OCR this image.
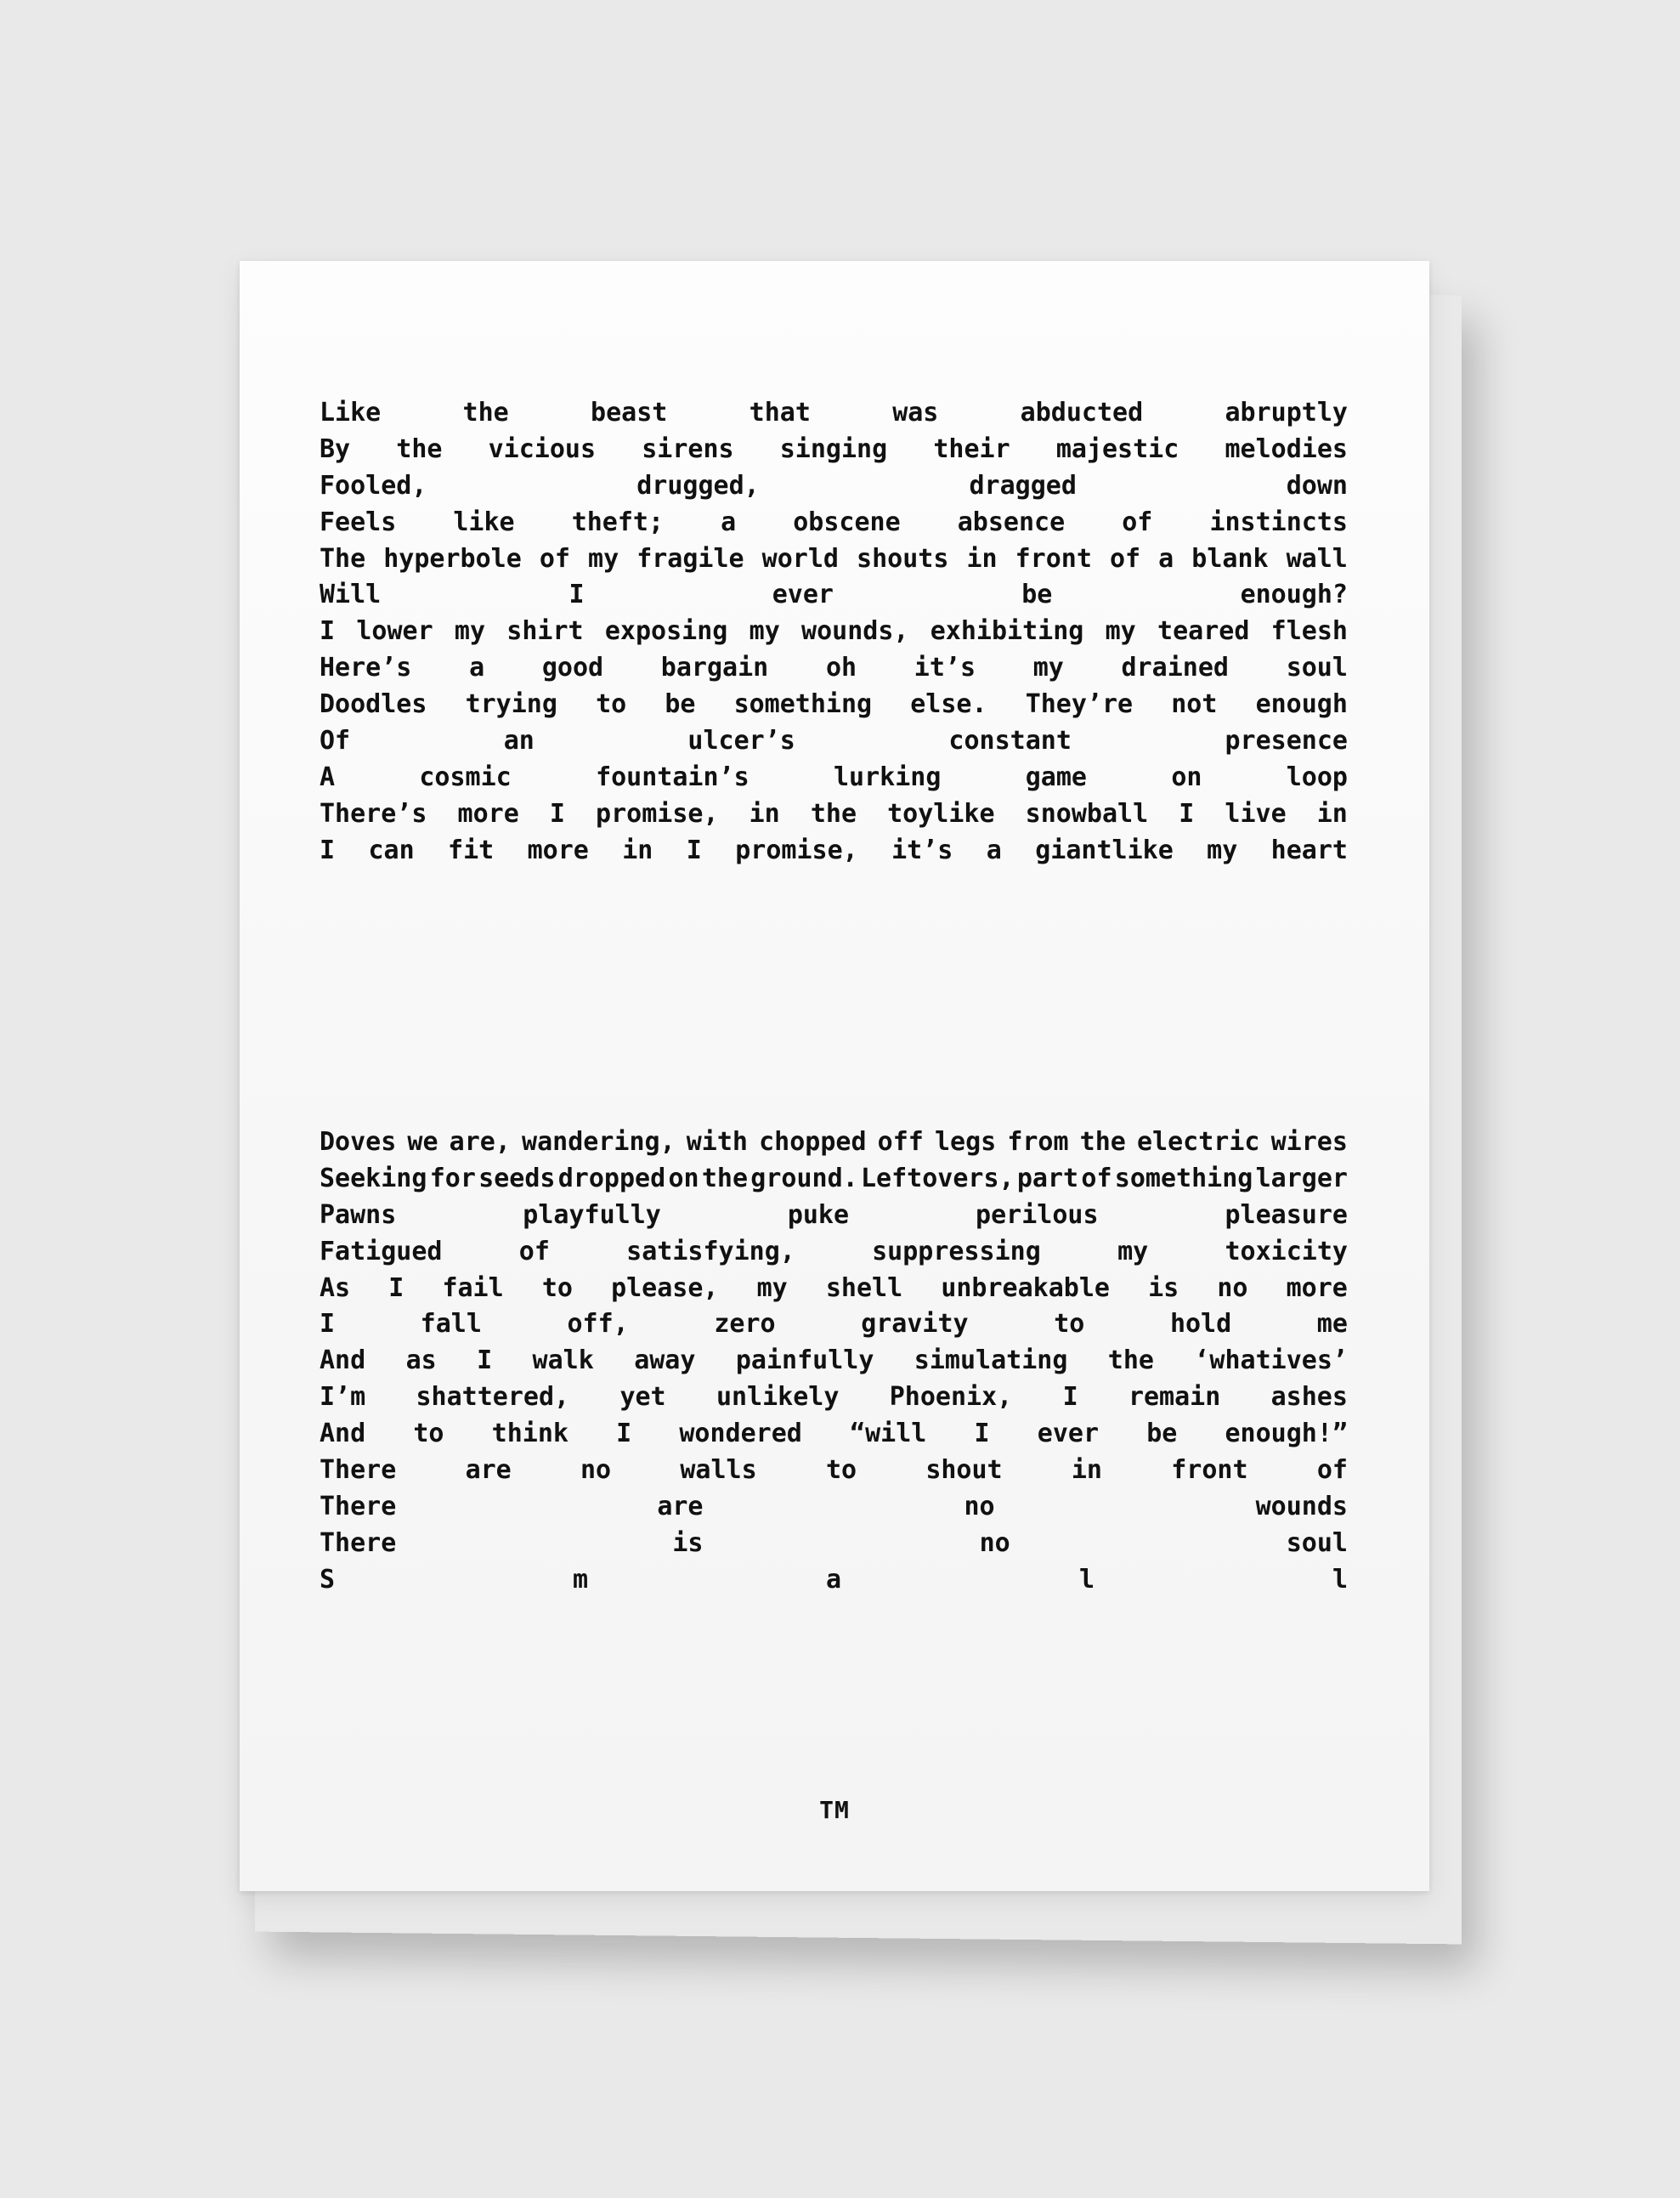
Like	the	beast	that	was	abducted	abruptly
By the vicious sirens singing their majestic melodies
Fooled,	drugged,	dragged	down
Feels like theft; a obscene absence of instincts
The hyperbole of my fragile world shouts in front of a blank wall
Will	I	ever	be	enough?
I lower my shirt exposing my wounds, exhibiting my teared flesh
Here’s a good bargain oh it’s my drained soul
Doodles trying to be something else. They’re not enough
Of	an	ulcer’s	constant	presence
A	cosmic	fountain’s	lurking	game	on	loop
There’s more I promise, in the toylike snowball I live in
I can fit more in I promise, it’s a giantlike my heart
Doves we are, wandering, with chopped off legs from the electric wires
Seeking for seeds dropped on the ground. Leftovers, part of something larger
Pawns	playfully	puke	perilous	pleasure
Fatigued	of	satisfying,	suppressing	my	toxicity
As I fail to please, my shell unbreakable is no more
I	fall	off,	zero	gravity	to	hold	me
And as I walk away painfully simulating the ‘whatives’
I’m shattered, yet unlikely Phoenix, I remain ashes
And to think I wondered “will I ever be enough!”
There	are	no	walls	to	shout	in	front	of
There	are	no	wounds
There	is	no	soul
S	m	a	l	l
TM
